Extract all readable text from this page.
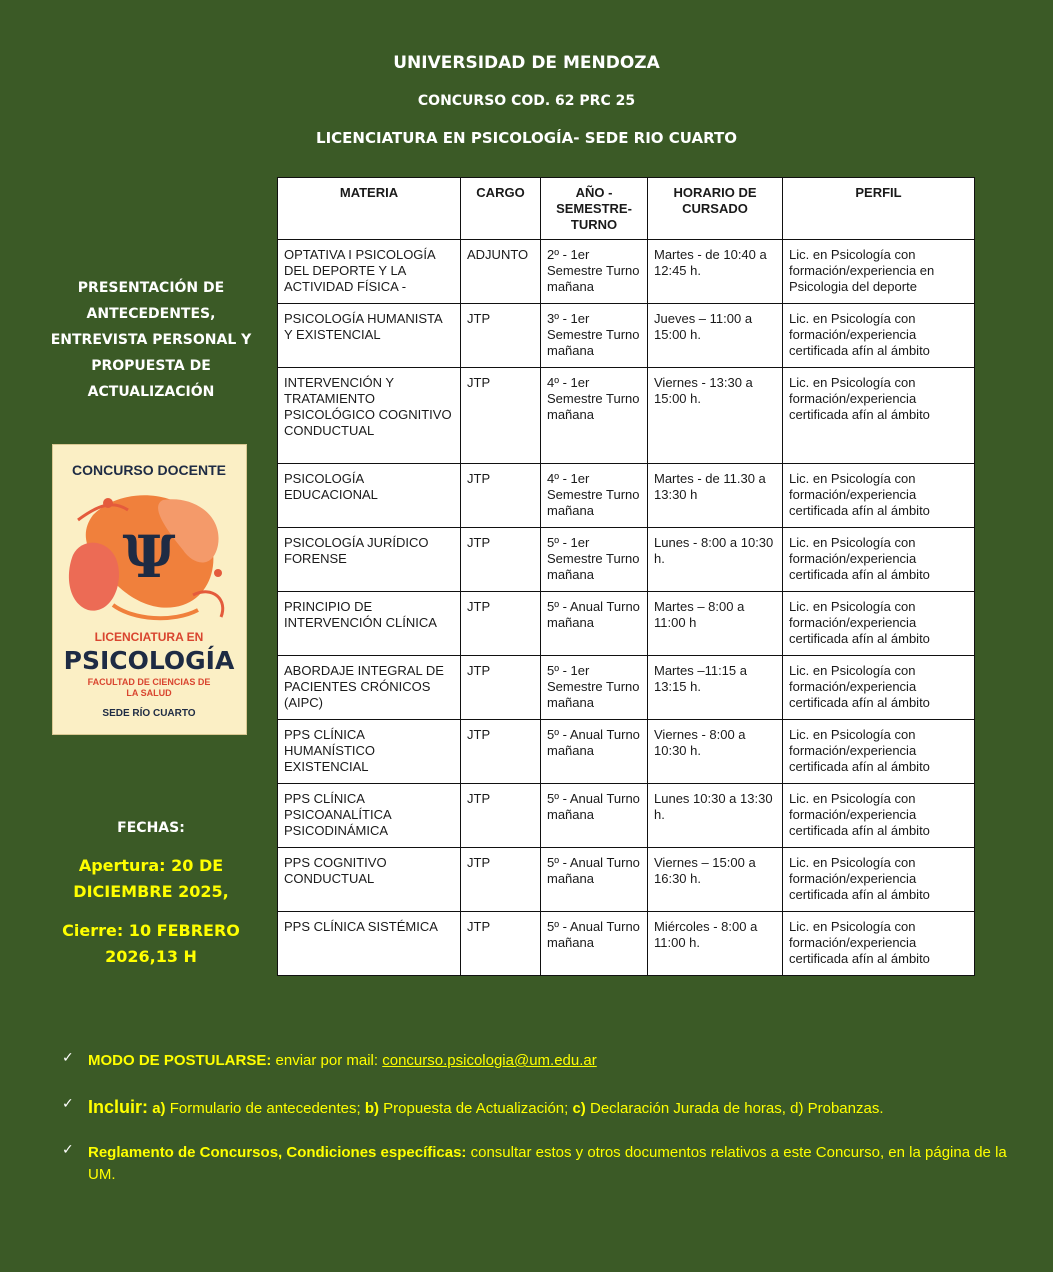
UNIVERSIDAD DE MENDOZA
CONCURSO COD. 62 PRC 25
LICENCIATURA EN PSICOLOGÍA- SEDE RIO CUARTO
PRESENTACIÓN DE
ANTECEDENTES,
ENTREVISTA PERSONAL Y
PROPUESTA DE
ACTUALIZACIÓN
CONCURSO DOCENTE
Ψ
LICENCIATURA EN
PSICOLOGÍA
FACULTAD DE CIENCIAS DE
LA SALUD
SEDE RÍO CUARTO
FECHAS:
Apertura: 20 DE
DICIEMBRE 2025,
Cierre: 10 FEBRERO
2026,13 H
MATERIA	CARGO	AÑO - SEMESTRE-TURNO	HORARIO DE CURSADO	PERFIL
OPTATIVA I PSICOLOGÍA DEL DEPORTE Y LA ACTIVIDAD FÍSICA -	ADJUNTO	2º - 1er Semestre Turno mañana	Martes - de 10:40 a 12:45 h.	Lic. en Psicología con formación/experiencia en Psicologia del deporte
PSICOLOGÍA HUMANISTA Y EXISTENCIAL	JTP	3º - 1er Semestre Turno mañana	Jueves – 11:00 a 15:00 h.	Lic. en Psicología con formación/experiencia certificada afín al ámbito
INTERVENCIÓN Y TRATAMIENTO PSICOLÓGICO COGNITIVO CONDUCTUAL	JTP	4º - 1er Semestre Turno mañana	Viernes - 13:30 a 15:00 h.	Lic. en Psicología con formación/experiencia certificada afín al ámbito
PSICOLOGÍA EDUCACIONAL	JTP	4º - 1er Semestre Turno mañana	Martes - de 11.30 a 13:30 h	Lic. en Psicología con formación/experiencia certificada afín al ámbito
PSICOLOGÍA JURÍDICO FORENSE	JTP	5º - 1er Semestre Turno mañana	Lunes - 8:00 a 10:30 h.	Lic. en Psicología con formación/experiencia certificada afín al ámbito
PRINCIPIO DE INTERVENCIÓN CLÍNICA	JTP	5º - Anual Turno mañana	Martes – 8:00 a 11:00 h	Lic. en Psicología con formación/experiencia certificada afín al ámbito
ABORDAJE INTEGRAL DE PACIENTES CRÓNICOS (AIPC)	JTP	5º - 1er Semestre Turno mañana	Martes –11:15 a 13:15 h.	Lic. en Psicología con formación/experiencia certificada afín al ámbito
PPS CLÍNICA HUMANÍSTICO EXISTENCIAL	JTP	5º - Anual Turno mañana	Viernes - 8:00 a 10:30 h.	Lic. en Psicología con formación/experiencia certificada afín al ámbito
PPS CLÍNICA PSICOANALÍTICA PSICODINÁMICA	JTP	5º - Anual Turno mañana	Lunes 10:30 a 13:30 h.	Lic. en Psicología con formación/experiencia certificada afín al ámbito
PPS COGNITIVO CONDUCTUAL	JTP	5º - Anual Turno mañana	Viernes – 15:00 a 16:30 h.	Lic. en Psicología con formación/experiencia certificada afín al ámbito
PPS CLÍNICA SISTÉMICA	JTP	5º - Anual Turno mañana	Miércoles - 8:00 a 11:00 h.	Lic. en Psicología con formación/experiencia certificada afín al ámbito
✓ MODO DE POSTULARSE: enviar por mail: concurso.psicologia@um.edu.ar
✓ Incluir: a) Formulario de antecedentes; b) Propuesta de Actualización; c) Declaración Jurada de horas, d) Probanzas.
✓ Reglamento de Concursos, Condiciones específicas: consultar estos y otros documentos relativos a este Concurso, en la página de la UM.
